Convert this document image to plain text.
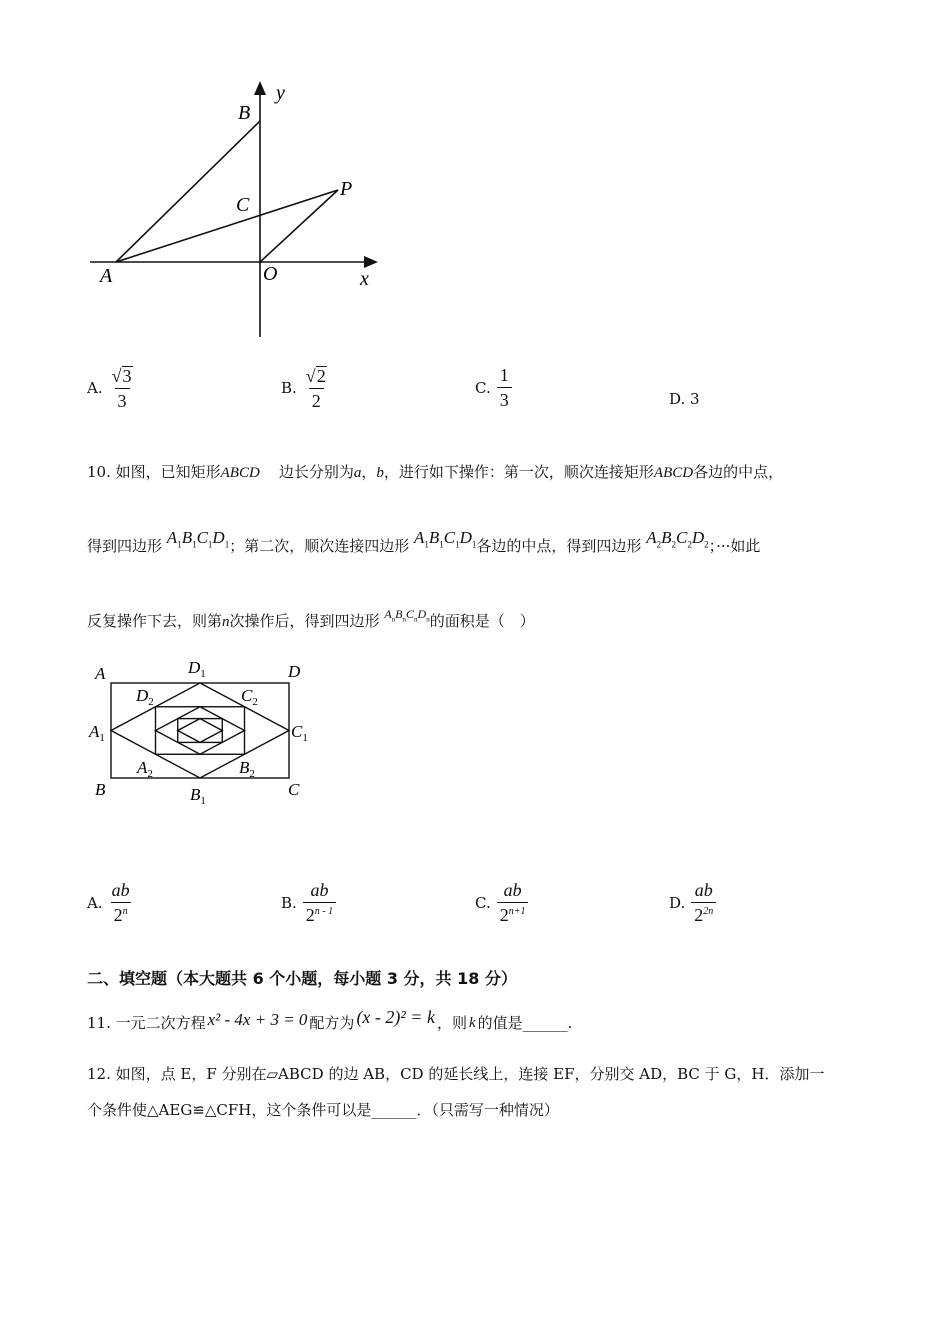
y
B
C
P
A	O	x
A. $\frac{√ 3}{3}$	B. $\frac{√ 2}{2}$	C. $\frac{1}{3}$	D. 3
10. 如图，已知矩形ABCD 边长分别为a，b，进行如下操作：第一次，顺次连接矩形ABCD各边的中点，
得到四边形 $A_1B_1C_1D_1$；第二次，顺次连接四边形 $A_1B_1C_1D_1$各边的中点，得到四边形 $A_2B_2C_2D_2$；···如此
反复操作下去，则第n次操作后，得到四边形 $^{A_nB_nC_nD_n}$的面积是（　）
A	$D_1$	D
$D_2$	$C_2$
$A_1$	$C_1$
$A_2$	$B_2$
B	$B_1$
C
A. $\frac{ab}{2^n}$	B. $\frac{ab}{2^{n - 1}}$	C. $\frac{ab}{2^{n+1}}$	D. $\frac{ab}{2^{2n}}$
二、填空题（本大题共 6 个小题，每小题 3 分，共 18 分）
11. 一元二次方程 x² - 4x + 3 = 0 配方为 (x - 2)² = k ，则 k 的值是______.
12. 如图，点 E，F 分别在▱ABCD 的边 AB，CD 的延长线上，连接 EF，分别交 AD，BC 于 G，H．添加一
个条件使△AEG≌△CFH，这个条件可以是______．（只需写一种情况）
